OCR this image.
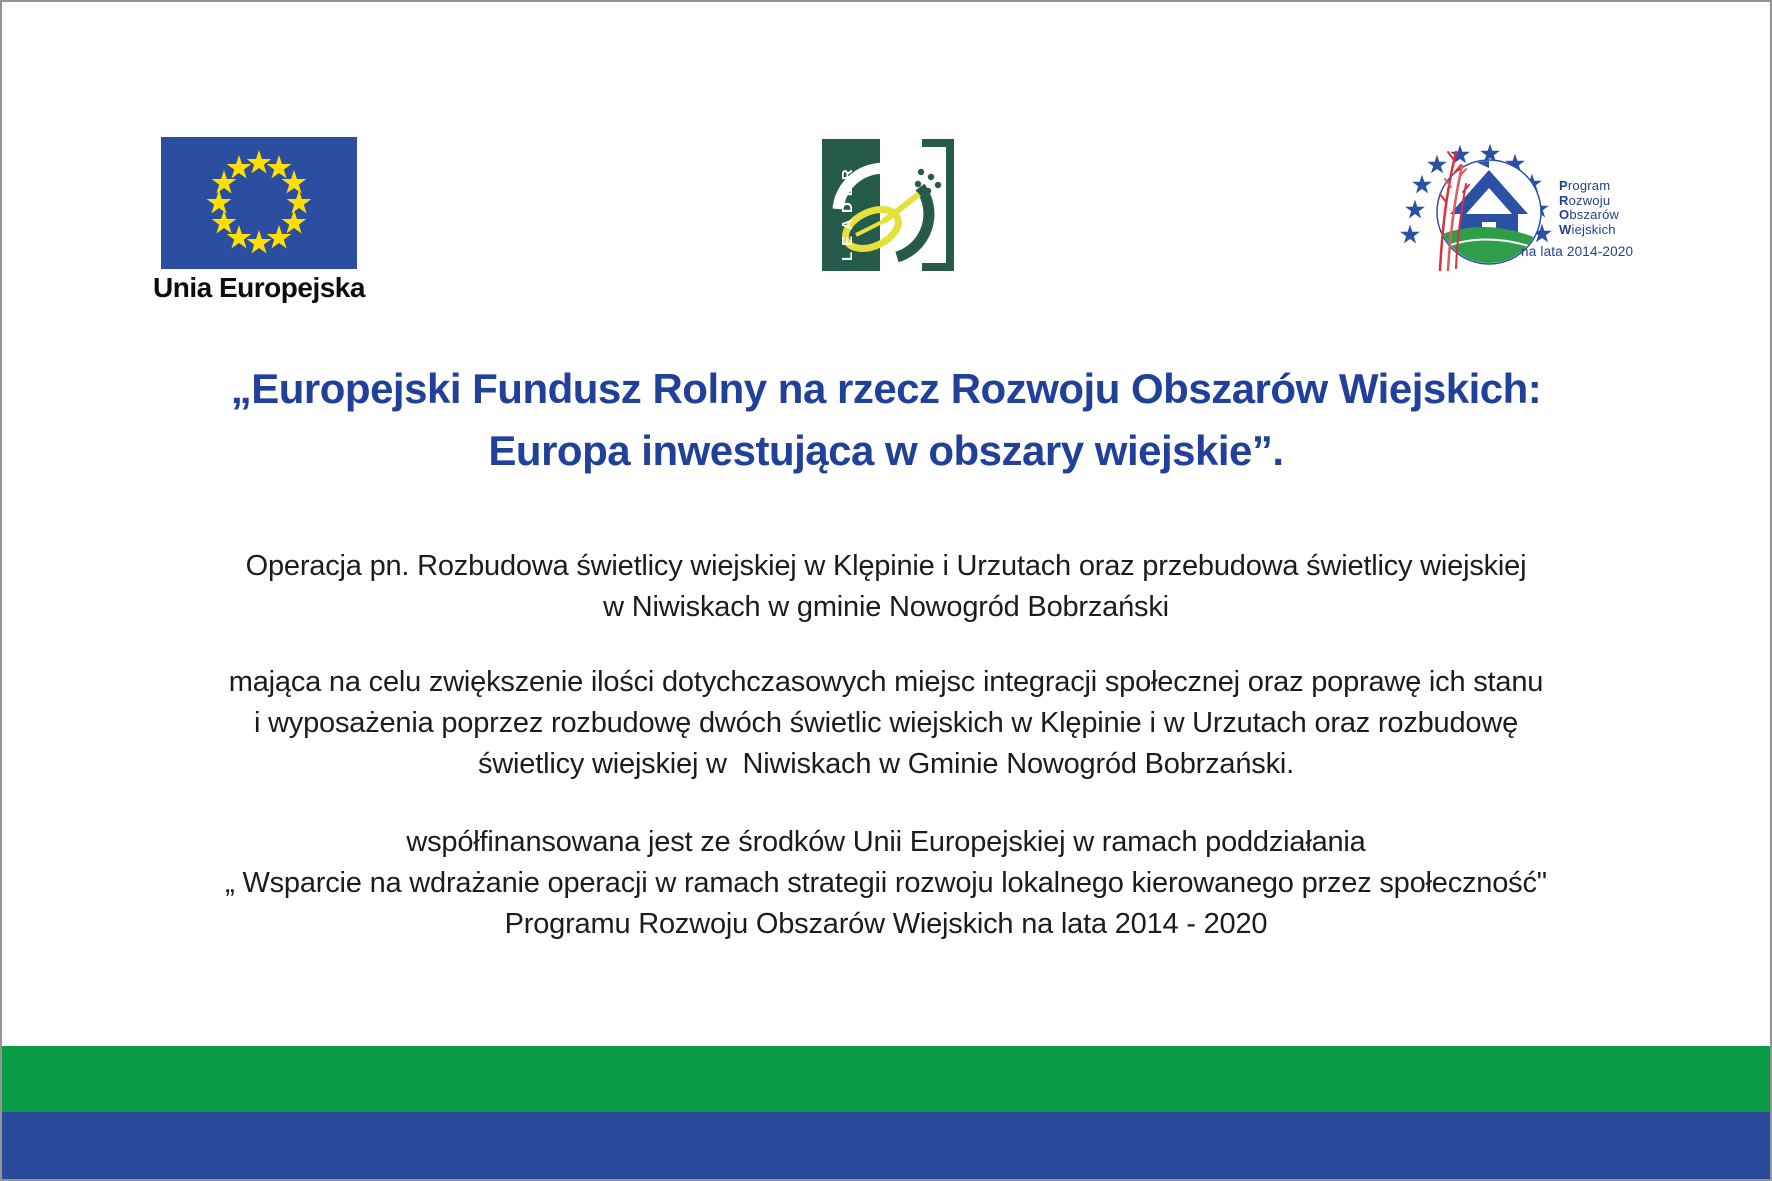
Unia Europejska
LEADER	Program
Rozwoju
Obszarów
Wiejskich
na lata 2014-2020
„Europejski Fundusz Rolny na rzecz Rozwoju Obszarów Wiejskich:
Europa inwestująca w obszary wiejskie”.
Operacja pn. Rozbudowa świetlicy wiejskiej w Klępinie i Urzutach oraz przebudowa świetlicy wiejskiej
w Niwiskach w gminie Nowogród Bobrzański
mająca na celu zwiększenie ilości dotychczasowych miejsc integracji społecznej oraz poprawę ich stanu
i wyposażenia poprzez rozbudowę dwóch świetlic wiejskich w Klępinie i w Urzutach oraz rozbudowę
świetlicy wiejskiej w  Niwiskach w Gminie Nowogród Bobrzański.
współfinansowana jest ze środków Unii Europejskiej w ramach poddziałania
„ Wsparcie na wdrażanie operacji w ramach strategii rozwoju lokalnego kierowanego przez społeczność"
Programu Rozwoju Obszarów Wiejskich na lata 2014 - 2020
